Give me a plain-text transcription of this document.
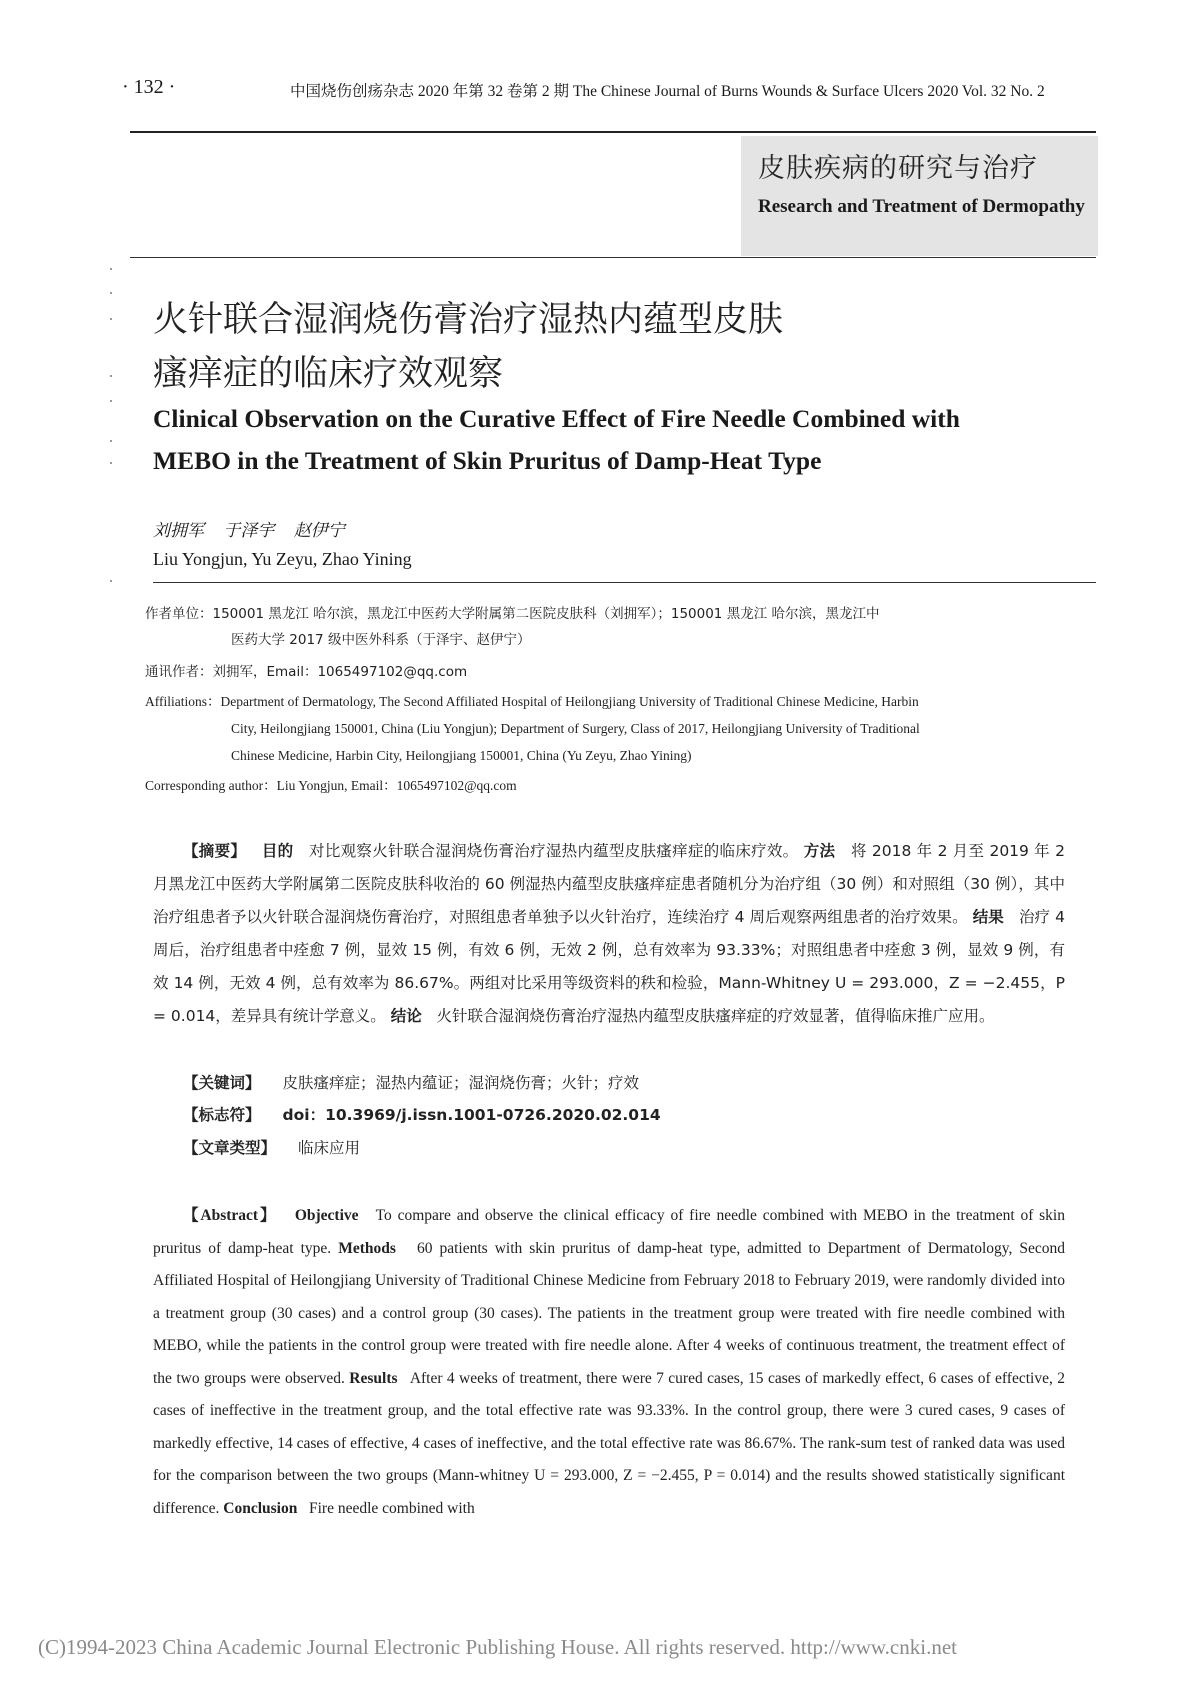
· 132 ·	中国烧伤创疡杂志 2020 年第 32 卷第 2 期 The Chinese Journal of Burns Wounds & Surface Ulcers 2020 Vol. 32 No. 2
皮肤疾病的研究与治疗
Research and Treatment of Dermopathy
火针联合湿润烧伤膏治疗湿热内蕴型皮肤
瘙痒症的临床疗效观察
Clinical Observation on the Curative Effect of Fire Needle Combined with
MEBO in the Treatment of Skin Pruritus of Damp-Heat Type
刘拥军 于泽宇 赵伊宁
Liu Yongjun, Yu Zeyu, Zhao Yining
作者单位：150001 黑龙江 哈尔滨，黑龙江中医药大学附属第二医院皮肤科（刘拥军）；150001 黑龙江 哈尔滨，黑龙江中
医药大学 2017 级中医外科系（于泽宇、赵伊宁）
通讯作者：刘拥军，Email：1065497102@qq.com
Affiliations：Department of Dermatology, The Second Affiliated Hospital of Heilongjiang University of Traditional Chinese Medicine, Harbin
City, Heilongjiang 150001, China (Liu Yongjun); Department of Surgery, Class of 2017, Heilongjiang University of Traditional
Chinese Medicine, Harbin City, Heilongjiang 150001, China (Yu Zeyu, Zhao Yining)
Corresponding author：Liu Yongjun, Email：1065497102@qq.com
【摘要】 目的 对比观察火针联合湿润烧伤膏治疗湿热内蕴型皮肤瘙痒症的临床疗效。 方法 将 2018 年 2 月至 2019 年 2 月黑龙江中医药大学附属第二医院皮肤科收治的 60 例湿热内蕴型皮肤瘙痒症患者随机分为治疗组（30 例）和对照组（30 例），其中治疗组患者予以火针联合湿润烧伤膏治疗，对照组患者单独予以火针治疗，连续治疗 4 周后观察两组患者的治疗效果。 结果 治疗 4 周后，治疗组患者中痊愈 7 例，显效 15 例，有效 6 例，无效 2 例，总有效率为 93.33%；对照组患者中痊愈 3 例，显效 9 例，有效 14 例，无效 4 例，总有效率为 86.67%。两组对比采用等级资料的秩和检验，Mann-Whitney U = 293.000，Z = −2.455，P = 0.014，差异具有统计学意义。 结论 火针联合湿润烧伤膏治疗湿热内蕴型皮肤瘙痒症的疗效显著，值得临床推广应用。
【关键词】 皮肤瘙痒症；湿热内蕴证；湿润烧伤膏；火针；疗效
【标志符】 doi：10.3969/j.issn.1001-0726.2020.02.014
【文章类型】 临床应用
【Abstract】 Objective To compare and observe the clinical efficacy of fire needle combined with MEBO in the treatment of skin pruritus of damp-heat type. Methods 60 patients with skin pruritus of damp-heat type, admitted to Department of Dermatology, Second Affiliated Hospital of Heilongjiang University of Traditional Chinese Medicine from February 2018 to February 2019, were randomly divided into a treatment group (30 cases) and a control group (30 cases). The patients in the treatment group were treated with fire needle combined with MEBO, while the patients in the control group were treated with fire needle alone. After 4 weeks of continuous treatment, the treatment effect of the two groups were observed. Results After 4 weeks of treatment, there were 7 cured cases, 15 cases of markedly effect, 6 cases of effective, 2 cases of ineffective in the treatment group, and the total effective rate was 93.33%. In the control group, there were 3 cured cases, 9 cases of markedly effective, 14 cases of effective, 4 cases of ineffective, and the total effective rate was 86.67%. The rank-sum test of ranked data was used for the comparison between the two groups (Mann-whitney U = 293.000, Z = −2.455, P = 0.014) and the results showed statistically significant difference. Conclusion Fire needle combined with
(C)1994-2023 China Academic Journal Electronic Publishing House. All rights reserved. http://www.cnki.net
